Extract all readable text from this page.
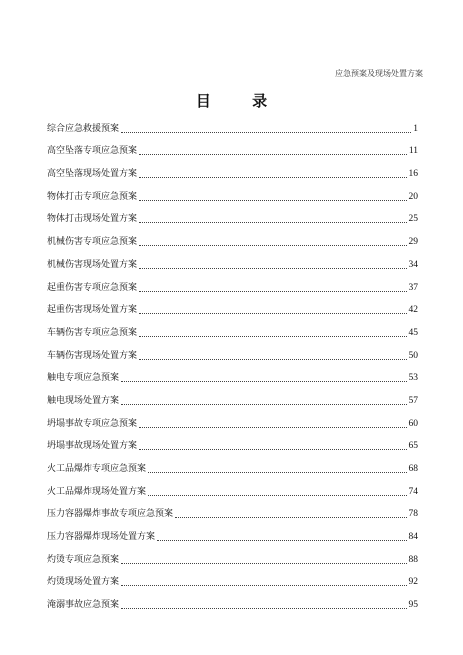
应急预案及现场处置方案
目 录
综合应急救援预案	1
高空坠落专项应急预案	11
高空坠落现场处置方案	16
物体打击专项应急预案	20
物体打击现场处置方案	25
机械伤害专项应急预案	29
机械伤害现场处置方案	34
起重伤害专项应急预案	37
起重伤害现场处置方案	42
车辆伤害专项应急预案	45
车辆伤害现场处置方案	50
触电专项应急预案	53
触电现场处置方案	57
坍塌事故专项应急预案	60
坍塌事故现场处置方案	65
火工品爆炸专项应急预案	68
火工品爆炸现场处置方案	74
压力容器爆炸事故专项应急预案	78
压力容器爆炸现场处置方案	84
灼烫专项应急预案	88
灼烫现场处置方案	92
淹溺事故应急预案	95
